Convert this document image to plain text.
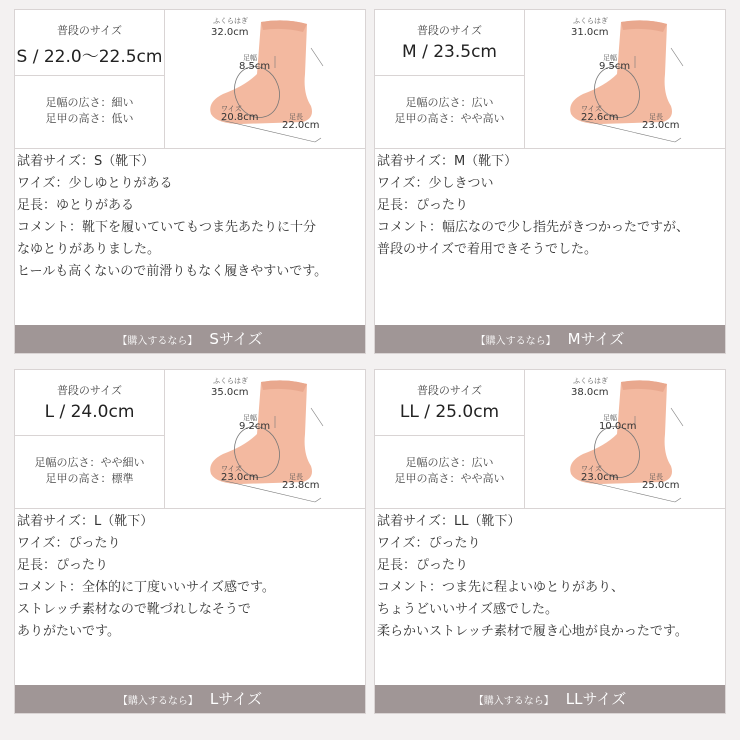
普段のサイズ
S / 22.0〜22.5cm
足幅の広さ：細い
足甲の高さ：低い
ふくらはぎ
32.0cm
足幅
8.5cm
ワイズ
20.8cm	足長
22.0cm
試着サイズ：S（靴下）
ワイズ：少しゆとりがある
足長：ゆとりがある
コメント：靴下を履いていてもつま先あたりに十分
なゆとりがありました。
ヒールも高くないので前滑りもなく履きやすいです。
【購入するなら】 Sサイズ
普段のサイズ
M / 23.5cm
足幅の広さ：広い
足甲の高さ：やや高い
ふくらはぎ
31.0cm
足幅
9.5cm
ワイズ
22.6cm	足長
23.0cm
試着サイズ：M（靴下）
ワイズ：少しきつい
足長：ぴったり
コメント：幅広なので少し指先がきつかったですが、
普段のサイズで着用できそうでした。
【購入するなら】 Mサイズ
普段のサイズ
L / 24.0cm
足幅の広さ：やや細い
足甲の高さ：標準
ふくらはぎ
35.0cm
足幅
9.2cm
ワイズ
23.0cm	足長
23.8cm
試着サイズ：L（靴下）
ワイズ：ぴったり
足長：ぴったり
コメント：全体的に丁度いいサイズ感です。
ストレッチ素材なので靴づれしなそうで
ありがたいです。
【購入するなら】 Lサイズ
普段のサイズ
LL / 25.0cm
足幅の広さ：広い
足甲の高さ：やや高い
ふくらはぎ
38.0cm
足幅
10.0cm
ワイズ
23.0cm	足長
25.0cm
試着サイズ：LL（靴下）
ワイズ：ぴったり
足長：ぴったり
コメント：つま先に程よいゆとりがあり、
ちょうどいいサイズ感でした。
柔らかいストレッチ素材で履き心地が良かったです。
【購入するなら】 LLサイズ
